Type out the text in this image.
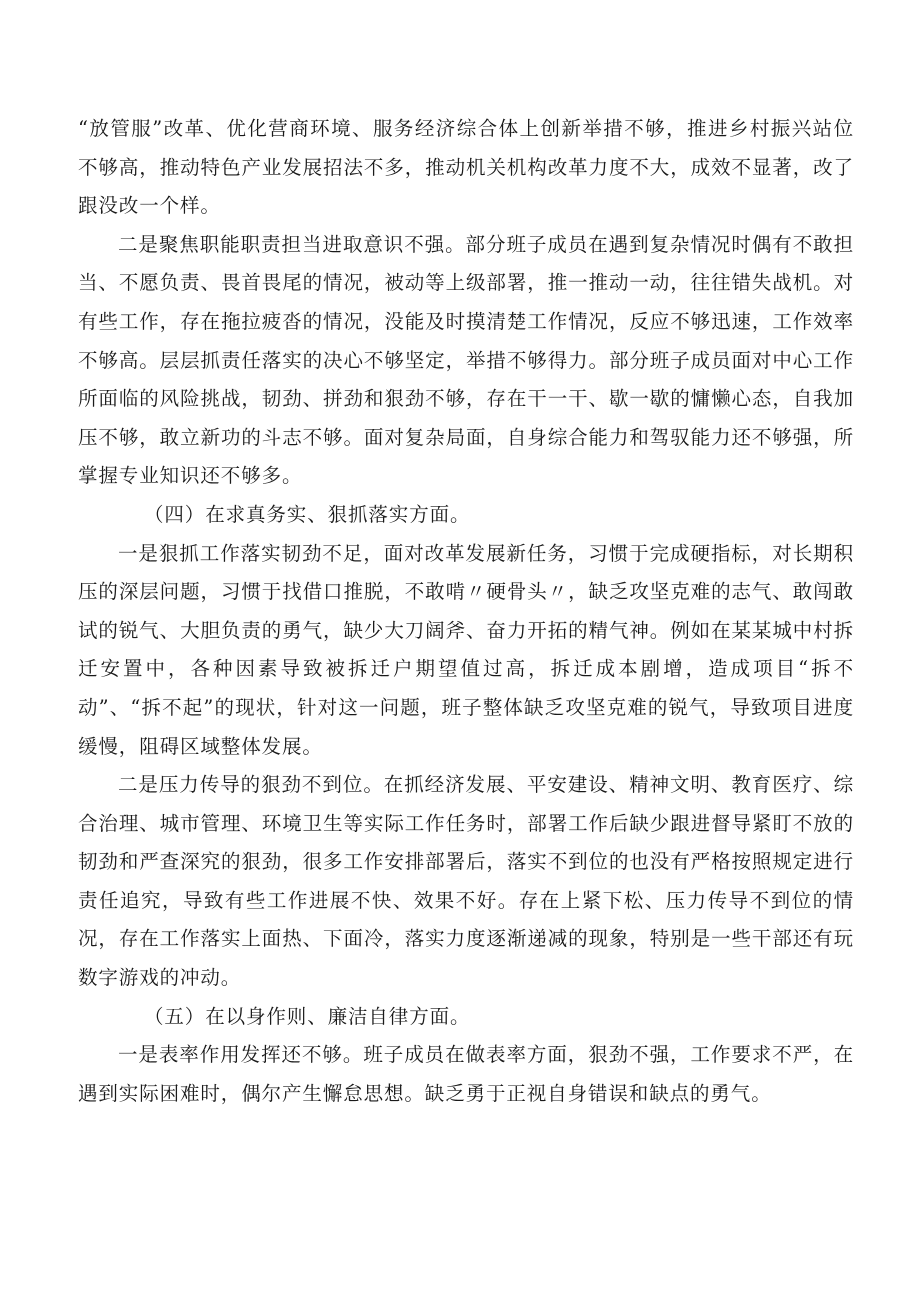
“放管服”改革、优化营商环境、服务经济综合体上创新举措不够，推进乡村振兴站位不够高，推动特色产业发展招法不多，推动机关机构改革力度不大，成效不显著，改了跟没改一个样。

二是聚焦职能职责担当进取意识不强。部分班子成员在遇到复杂情况时偶有不敢担当、不愿负责、畏首畏尾的情况，被动等上级部署，推一推动一动，往往错失战机。对有些工作，存在拖拉疲沓的情况，没能及时摸清楚工作情况，反应不够迅速，工作效率不够高。层层抓责任落实的决心不够坚定，举措不够得力。部分班子成员面对中心工作所面临的风险挑战，韧劲、拼劲和狠劲不够，存在干一干、歇一歇的慵懒心态，自我加压不够，敢立新功的斗志不够。面对复杂局面，自身综合能力和驾驭能力还不够强，所掌握专业知识还不够多。

（四）在求真务实、狠抓落实方面。

一是狠抓工作落实韧劲不足，面对改革发展新任务，习惯于完成硬指标，对长期积压的深层问题，习惯于找借口推脱，不敢啃〃硬骨头〃，缺乏攻坚克难的志气、敢闯敢试的锐气、大胆负责的勇气，缺少大刀阔斧、奋力开拓的精气神。例如在某某城中村拆迁安置中，各种因素导致被拆迁户期望值过高，拆迁成本剧增，造成项目“拆不动”、“拆不起”的现状，针对这一问题，班子整体缺乏攻坚克难的锐气，导致项目进度缓慢，阻碍区域整体发展。

二是压力传导的狠劲不到位。在抓经济发展、平安建设、精神文明、教育医疗、综合治理、城市管理、环境卫生等实际工作任务时，部署工作后缺少跟进督导紧盯不放的韧劲和严查深究的狠劲，很多工作安排部署后，落实不到位的也没有严格按照规定进行责任追究，导致有些工作进展不快、效果不好。存在上紧下松、压力传导不到位的情况，存在工作落实上面热、下面冷，落实力度逐渐递减的现象，特别是一些干部还有玩数字游戏的冲动。

（五）在以身作则、廉洁自律方面。

一是表率作用发挥还不够。班子成员在做表率方面，狠劲不强，工作要求不严，在遇到实际困难时，偶尔产生懈怠思想。缺乏勇于正视自身错误和缺点的勇气。
